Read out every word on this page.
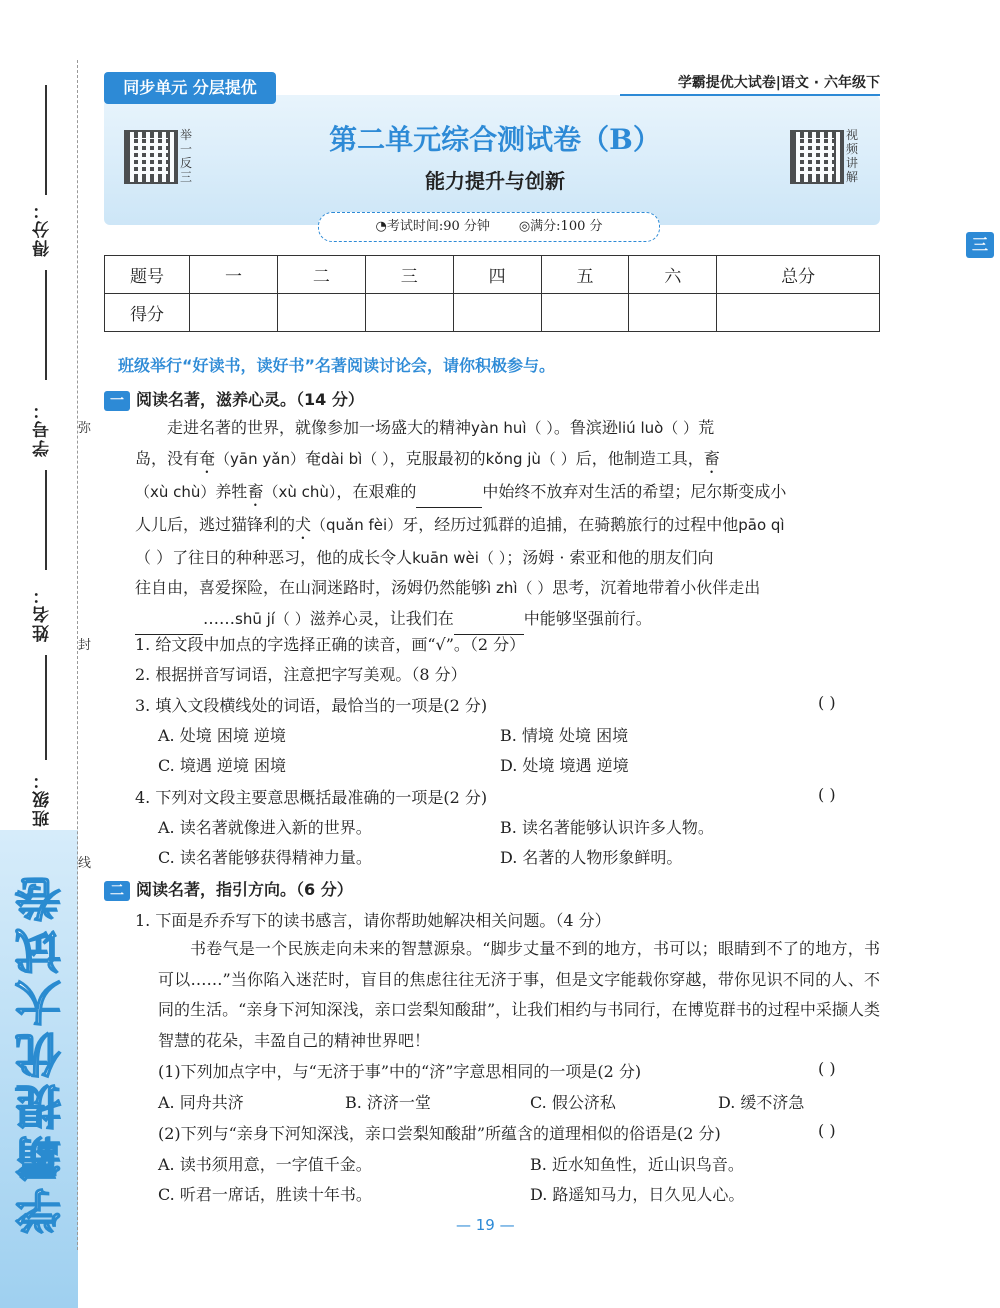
学霸提优大试卷
得分：
学号：
姓名：
班级：
弥
封
线
同步单元 分层提优	学霸提优大试卷|语文 · 六年级下
举一反三
视频讲解
第二单元综合测试卷（B）
能力提升与创新
◔考试时间:90 分钟 ◎满分:100 分
三
题号	一	二	三	四	五	六	总分
得分							
班级举行“好读书，读好书”名著阅读讨论会，请你积极参与。
一 阅读名著，滋养心灵。（14 分）
走进名著的世界，就像参加一场盛大的精神yàn huì（ ）。鲁滨逊liú luò（ ）荒
岛，没有奄（yān yǎn）奄dài bì（ ），克服最初的kǒng jù（ ）后，他制造工具，畜
（xù chù）养牲畜（xù chù），在艰难的	中始终不放弃对生活的希望；尼尔斯变成小
人儿后，逃过猫锋利的犬（quǎn fèi）牙，经历过狐群的追捕，在骑鹅旅行的过程中他pāo qì
（ ）了往日的种种恶习，他的成长令人kuān wèi（ ）；汤姆 · 索亚和他的朋友们向
往自由，喜爱探险，在山洞迷路时，汤姆仍然能够ì zhì（ ）思考，沉着地带着小伙伴走出
……shū jí（ ）滋养心灵，让我们在	中能够坚强前行。
1. 给文段中加点的字选择正确的读音，画“√”。（2 分）
2. 根据拼音写词语，注意把字写美观。（8 分）
3. 填入文段横线处的词语，最恰当的一项是(2 分)	( )
A. 处境 困境 逆境	B. 情境 处境 困境
C. 境遇 逆境 困境	D. 处境 境遇 逆境
4. 下列对文段主要意思概括最准确的一项是(2 分)	( )
A. 读名著就像进入新的世界。	B. 读名著能够认识许多人物。
C. 读名著能够获得精神力量。	D. 名著的人物形象鲜明。
二 阅读名著，指引方向。（6 分）
1. 下面是乔乔写下的读书感言，请你帮助她解决相关问题。（4 分）
书卷气是一个民族走向未来的智慧源泉。“脚步丈量不到的地方，书可以；眼睛到不了的地方，书可以……”当你陷入迷茫时，盲目的焦虑往往无济于事，但是文字能载你穿越，带你见识不同的人、不同的生活。“亲身下河知深浅，亲口尝梨知酸甜”，让我们相约与书同行，在博览群书的过程中采撷人类智慧的花朵，丰盈自己的精神世界吧！
(1)下列加点字中，与“无济于事”中的“济”字意思相同的一项是(2 分)	( )
A. 同舟共济	B. 济济一堂	C. 假公济私	D. 缓不济急
(2)下列与“亲身下河知深浅，亲口尝梨知酸甜”所蕴含的道理相似的俗语是(2 分)	( )
A. 读书须用意，一字值千金。	B. 近水知鱼性，近山识鸟音。
C. 听君一席话，胜读十年书。	D. 路遥知马力，日久见人心。
— 19 —
